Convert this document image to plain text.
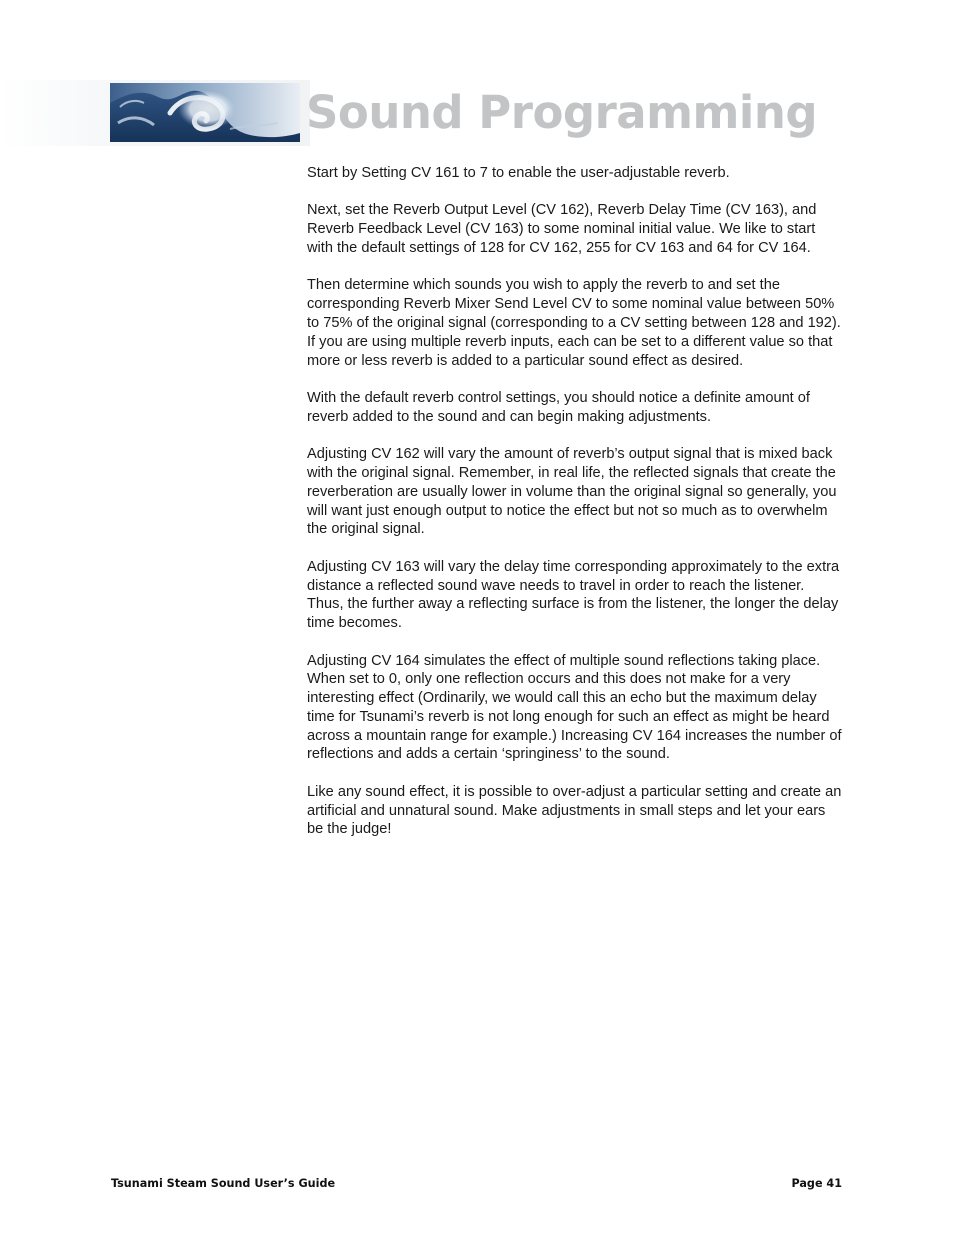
Sound Programming

Start by Setting CV 161 to 7 to enable the user-adjustable reverb.

Next, set the Reverb Output Level (CV 162), Reverb Delay Time (CV 163), and Reverb Feedback Level (CV 163) to some nominal initial value. We like to start with the default settings of 128 for CV 162, 255 for CV 163 and 64 for CV 164.

Then determine which sounds you wish to apply the reverb to and set the corresponding Reverb Mixer Send Level CV to some nominal value between 50% to 75% of the original signal (corresponding to a CV setting between 128 and 192). If you are using multiple reverb inputs, each can be set to a different value so that more or less reverb is added to a particular sound effect as desired.

With the default reverb control settings, you should notice a definite amount of reverb added to the sound and can begin making adjustments.

Adjusting CV 162 will vary the amount of reverb’s output signal that is mixed back with the original signal. Remember, in real life, the reflected signals that create the reverberation are usually lower in volume than the original signal so generally, you will want just enough output to notice the effect but not so much as to overwhelm the original signal.

Adjusting CV 163 will vary the delay time corresponding approximately to the extra distance a reflected sound wave needs to travel in order to reach the listener. Thus, the further away a reflecting surface is from the listener, the longer the delay time becomes.

Adjusting CV 164 simulates the effect of multiple sound reflections taking place. When set to 0, only one reflection occurs and this does not make for a very interesting effect (Ordinarily, we would call this an echo but the maximum delay time for Tsunami’s reverb is not long enough for such an effect as might be heard across a mountain range for example.) Increasing CV 164 increases the number of reflections and adds a certain ‘springiness’ to the sound.

Like any sound effect, it is possible to over-adjust a particular setting and create an artificial and unnatural sound. Make adjustments in small steps and let your ears be the judge!

Tsunami Steam Sound User’s Guide	Page 41
